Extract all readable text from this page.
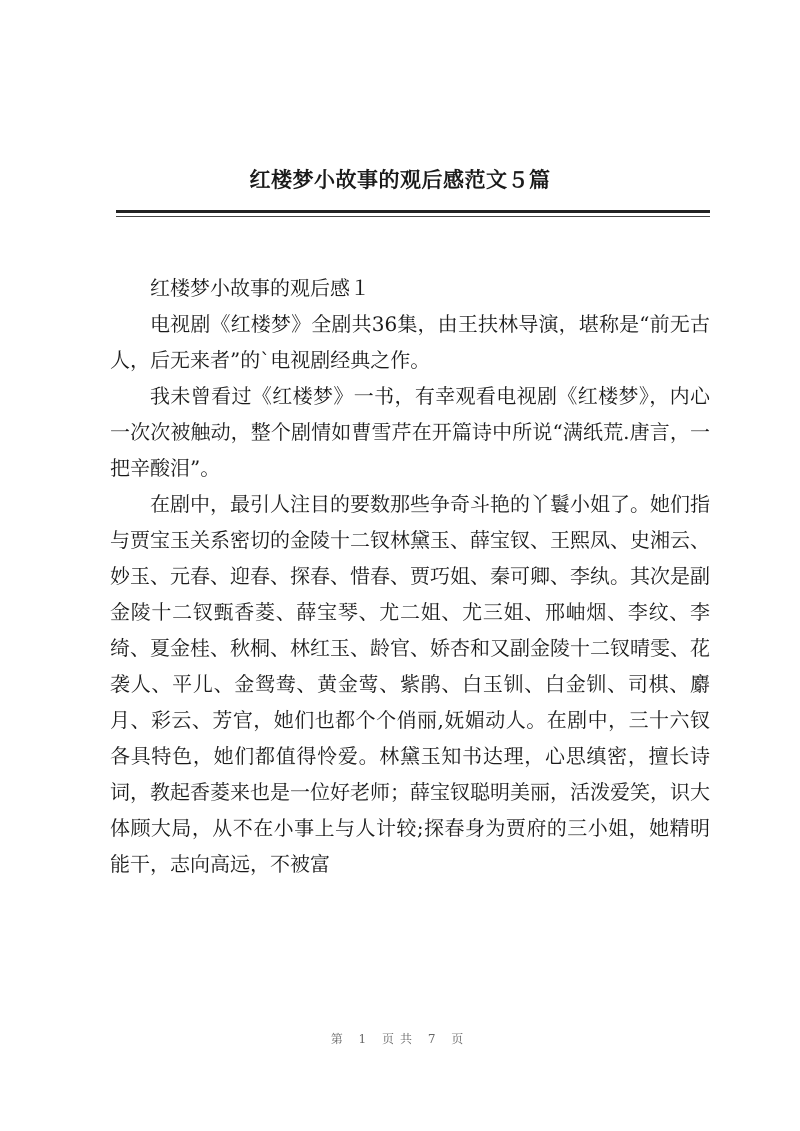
红楼梦小故事的观后感范文５篇

红楼梦小故事的观后感１

电视剧《红楼梦》全剧共36集，由王扶林导演，堪称是“前无古人，后无来者”的`电视剧经典之作。

我未曾看过《红楼梦》一书，有幸观看电视剧《红楼梦》，内心一次次被触动，整个剧情如曹雪芹在开篇诗中所说“满纸荒.唐言，一把辛酸泪”。

在剧中，最引人注目的要数那些争奇斗艳的丫鬟小姐了。她们指与贾宝玉关系密切的金陵十二钗林黛玉、薛宝钗、王熙凤、史湘云、妙玉、元春、迎春、探春、惜春、贾巧姐、秦可卿、李纨。其次是副金陵十二钗甄香菱、薛宝琴、尤二姐、尤三姐、邢岫烟、李纹、李绮、夏金桂、秋桐、林红玉、龄官、娇杏和又副金陵十二钗晴雯、花袭人、平儿、金鸳鸯、黄金莺、紫鹃、白玉钏、白金钏、司棋、麝月、彩云、芳官，她们也都个个俏丽,妩媚动人。在剧中，三十六钗各具特色，她们都值得怜爱。林黛玉知书达理，心思缜密，擅长诗词，教起香菱来也是一位好老师；薛宝钗聪明美丽，活泼爱笑，识大体顾大局，从不在小事上与人计较;探春身为贾府的三小姐，她精明能干，志向高远，不被富

第 1 页共 7 页
